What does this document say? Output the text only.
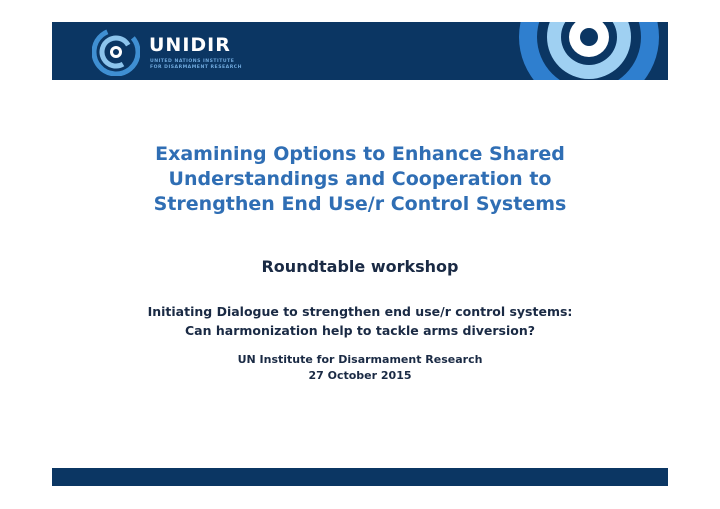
UNIDIR
UNITED NATIONS INSTITUTE
FOR DISARMAMENT RESEARCH
Examining Options to Enhance Shared
Understandings and Cooperation to
Strengthen End Use/r Control Systems
Roundtable workshop
Initiating Dialogue to strengthen end use/r control systems:
Can harmonization help to tackle arms diversion?
UN Institute for Disarmament Research
27 October 2015
